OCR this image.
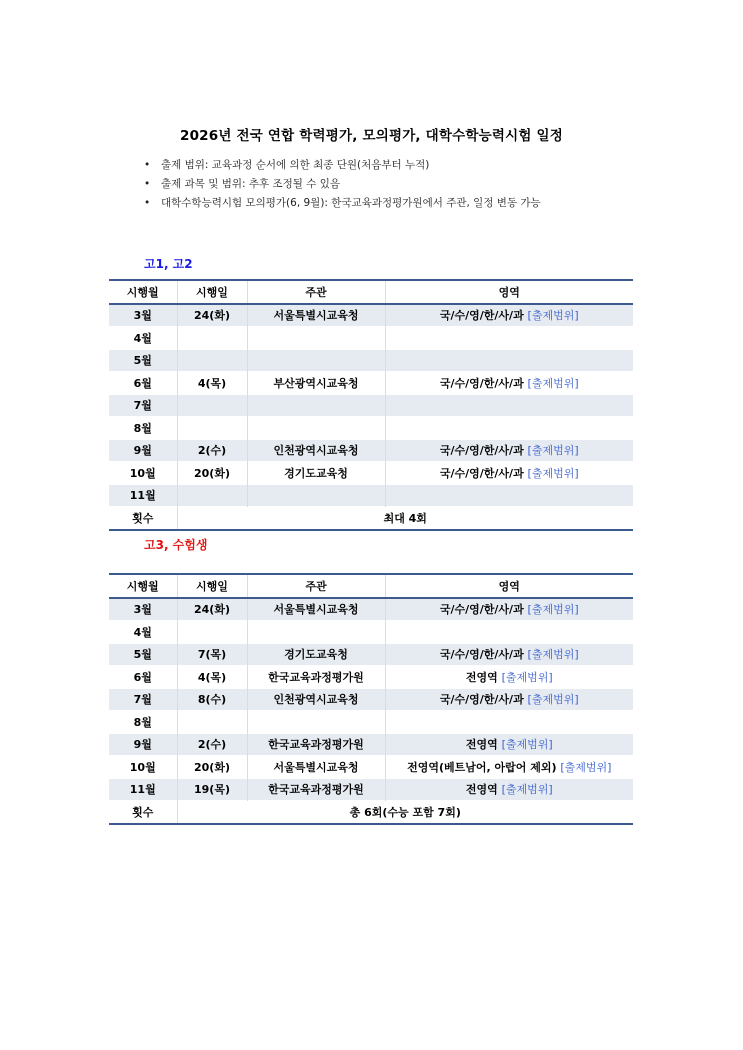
2026년 전국 연합 학력평가, 모의평가, 대학수학능력시험 일정
• 출제 범위: 교육과정 순서에 의한 최종 단원(처음부터 누적)
• 출제 과목 및 범위: 추후 조정될 수 있음
• 대학수학능력시험 모의평가(6, 9월): 한국교육과정평가원에서 주관, 일정 변동 가능
고1, 고2
시행월	시행일	주관	영역
3월	24(화)	서울특별시교육청	국/수/영/한/사/과 [출제범위]
4월			
5월			
6월	4(목)	부산광역시교육청	국/수/영/한/사/과 [출제범위]
7월			
8월			
9월	2(수)	인천광역시교육청	국/수/영/한/사/과 [출제범위]
10월	20(화)	경기도교육청	국/수/영/한/사/과 [출제범위]
11월			
횟수	최대 4회		
고3, 수험생
시행월	시행일	주관	영역
3월	24(화)	서울특별시교육청	국/수/영/한/사/과 [출제범위]
4월			
5월	7(목)	경기도교육청	국/수/영/한/사/과 [출제범위]
6월	4(목)	한국교육과정평가원	전영역 [출제범위]
7월	8(수)	인천광역시교육청	국/수/영/한/사/과 [출제범위]
8월			
9월	2(수)	한국교육과정평가원	전영역 [출제범위]
10월	20(화)	서울특별시교육청	전영역(베트남어, 아랍어 제외) [출제범위]
11월	19(목)	한국교육과정평가원	전영역 [출제범위]
횟수	총 6회(수능 포함 7회)		
